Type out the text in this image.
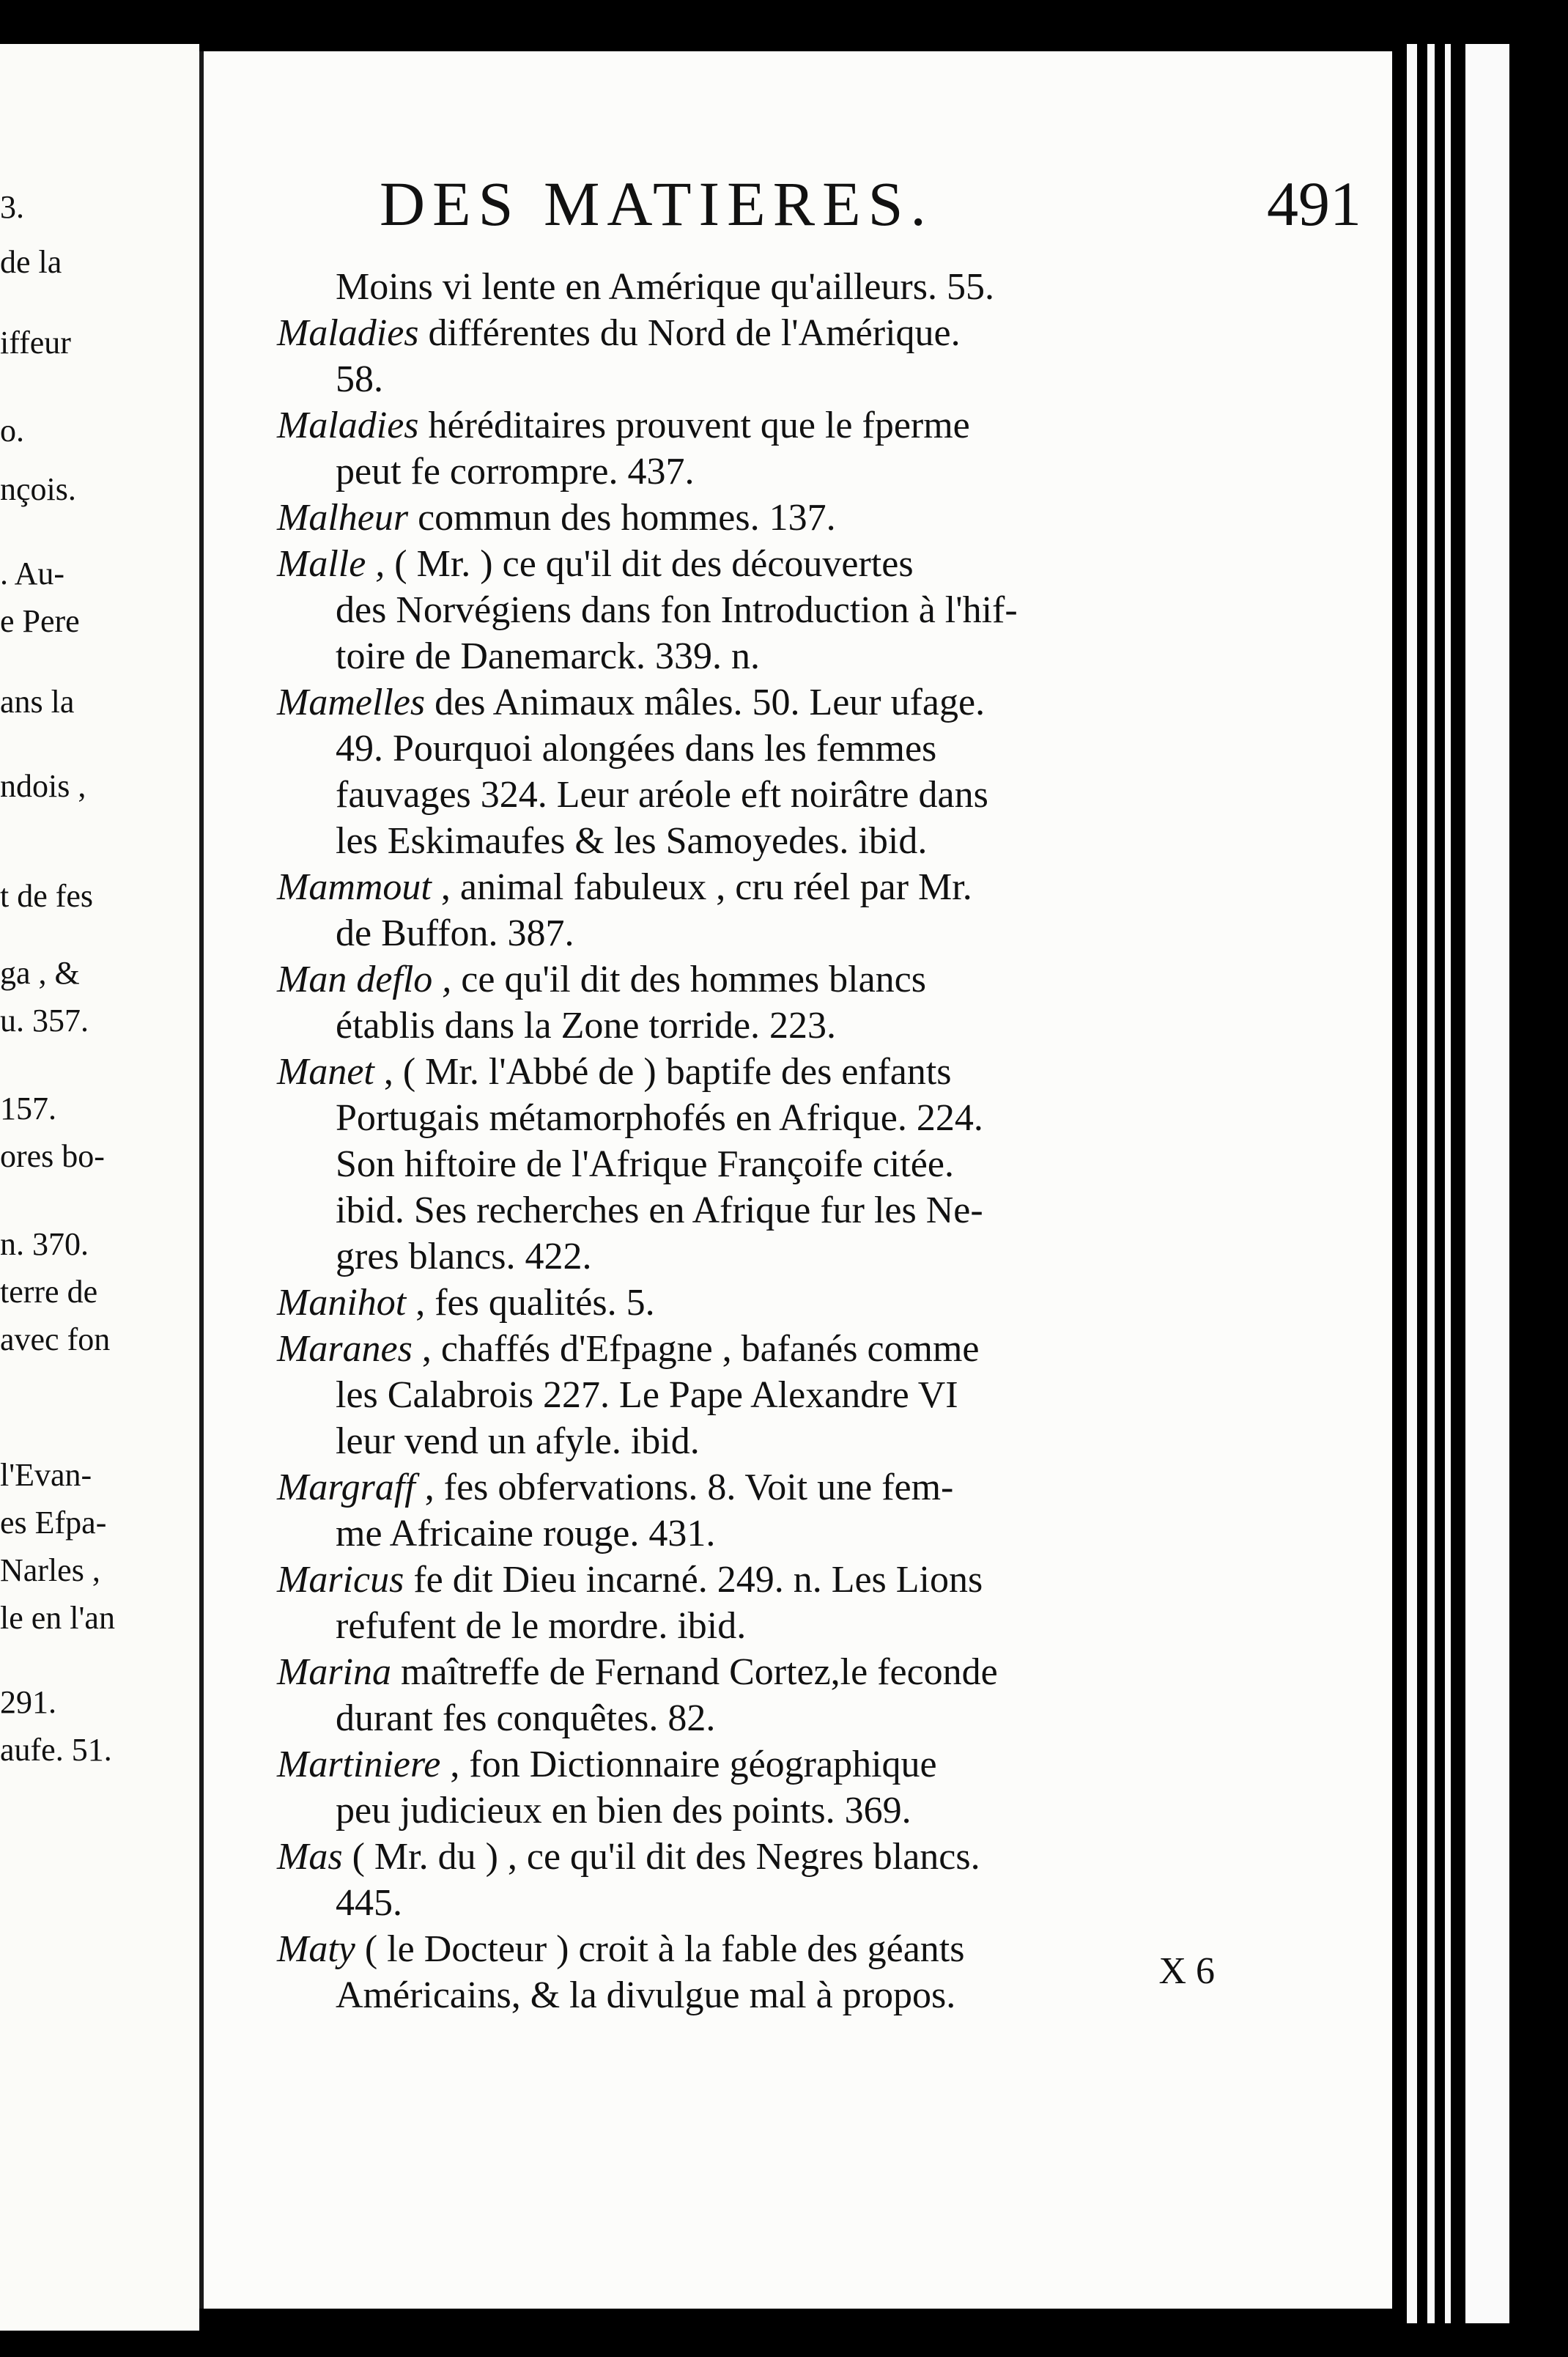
3.
de la
iffeur
o.
nçois.
. Au-
e Pere
ans la
ndois ,
t de fes
ga , &
u. 357.
157.
ores bo-
n. 370.
terre de
avec fon
l'Evan-
es Efpa-
Narles ,
le en l'an
291.
aufe. 51.
DES MATIERES.	491
Moins vi lente en Amérique qu'ailleurs. 55.
Maladies différentes du Nord de l'Amérique.
58.
Maladies héréditaires prouvent que le fperme
peut fe corrompre. 437.
Malheur commun des hommes. 137.
Malle , ( Mr. ) ce qu'il dit des découvertes
des Norvégiens dans fon Introduction à l'hif-
toire de Danemarck. 339. n.
Mamelles des Animaux mâles. 50. Leur ufage.
49. Pourquoi alongées dans les femmes
fauvages 324. Leur aréole eft noirâtre dans
les Eskimaufes & les Samoyedes. ibid.
Mammout , animal fabuleux , cru réel par Mr.
de Buffon. 387.
Man deflo , ce qu'il dit des hommes blancs
établis dans la Zone torride. 223.
Manet , ( Mr. l'Abbé de ) baptife des enfants
Portugais métamorphofés en Afrique. 224.
Son hiftoire de l'Afrique Françoife citée.
ibid. Ses recherches en Afrique fur les Ne-
gres blancs. 422.
Manihot , fes qualités. 5.
Maranes , chaffés d'Efpagne , bafanés comme
les Calabrois 227. Le Pape Alexandre VI
leur vend un afyle. ibid.
Margraff , fes obfervations. 8. Voit une fem-
me Africaine rouge. 431.
Maricus fe dit Dieu incarné. 249. n. Les Lions
refufent de le mordre. ibid.
Marina maîtreffe de Fernand Cortez,le feconde
durant fes conquêtes. 82.
Martiniere , fon Dictionnaire géographique
peu judicieux en bien des points. 369.
Mas ( Mr. du ) , ce qu'il dit des Negres blancs.
445.
Maty ( le Docteur ) croit à la fable des géants
Américains, & la divulgue mal à propos.
X 6
